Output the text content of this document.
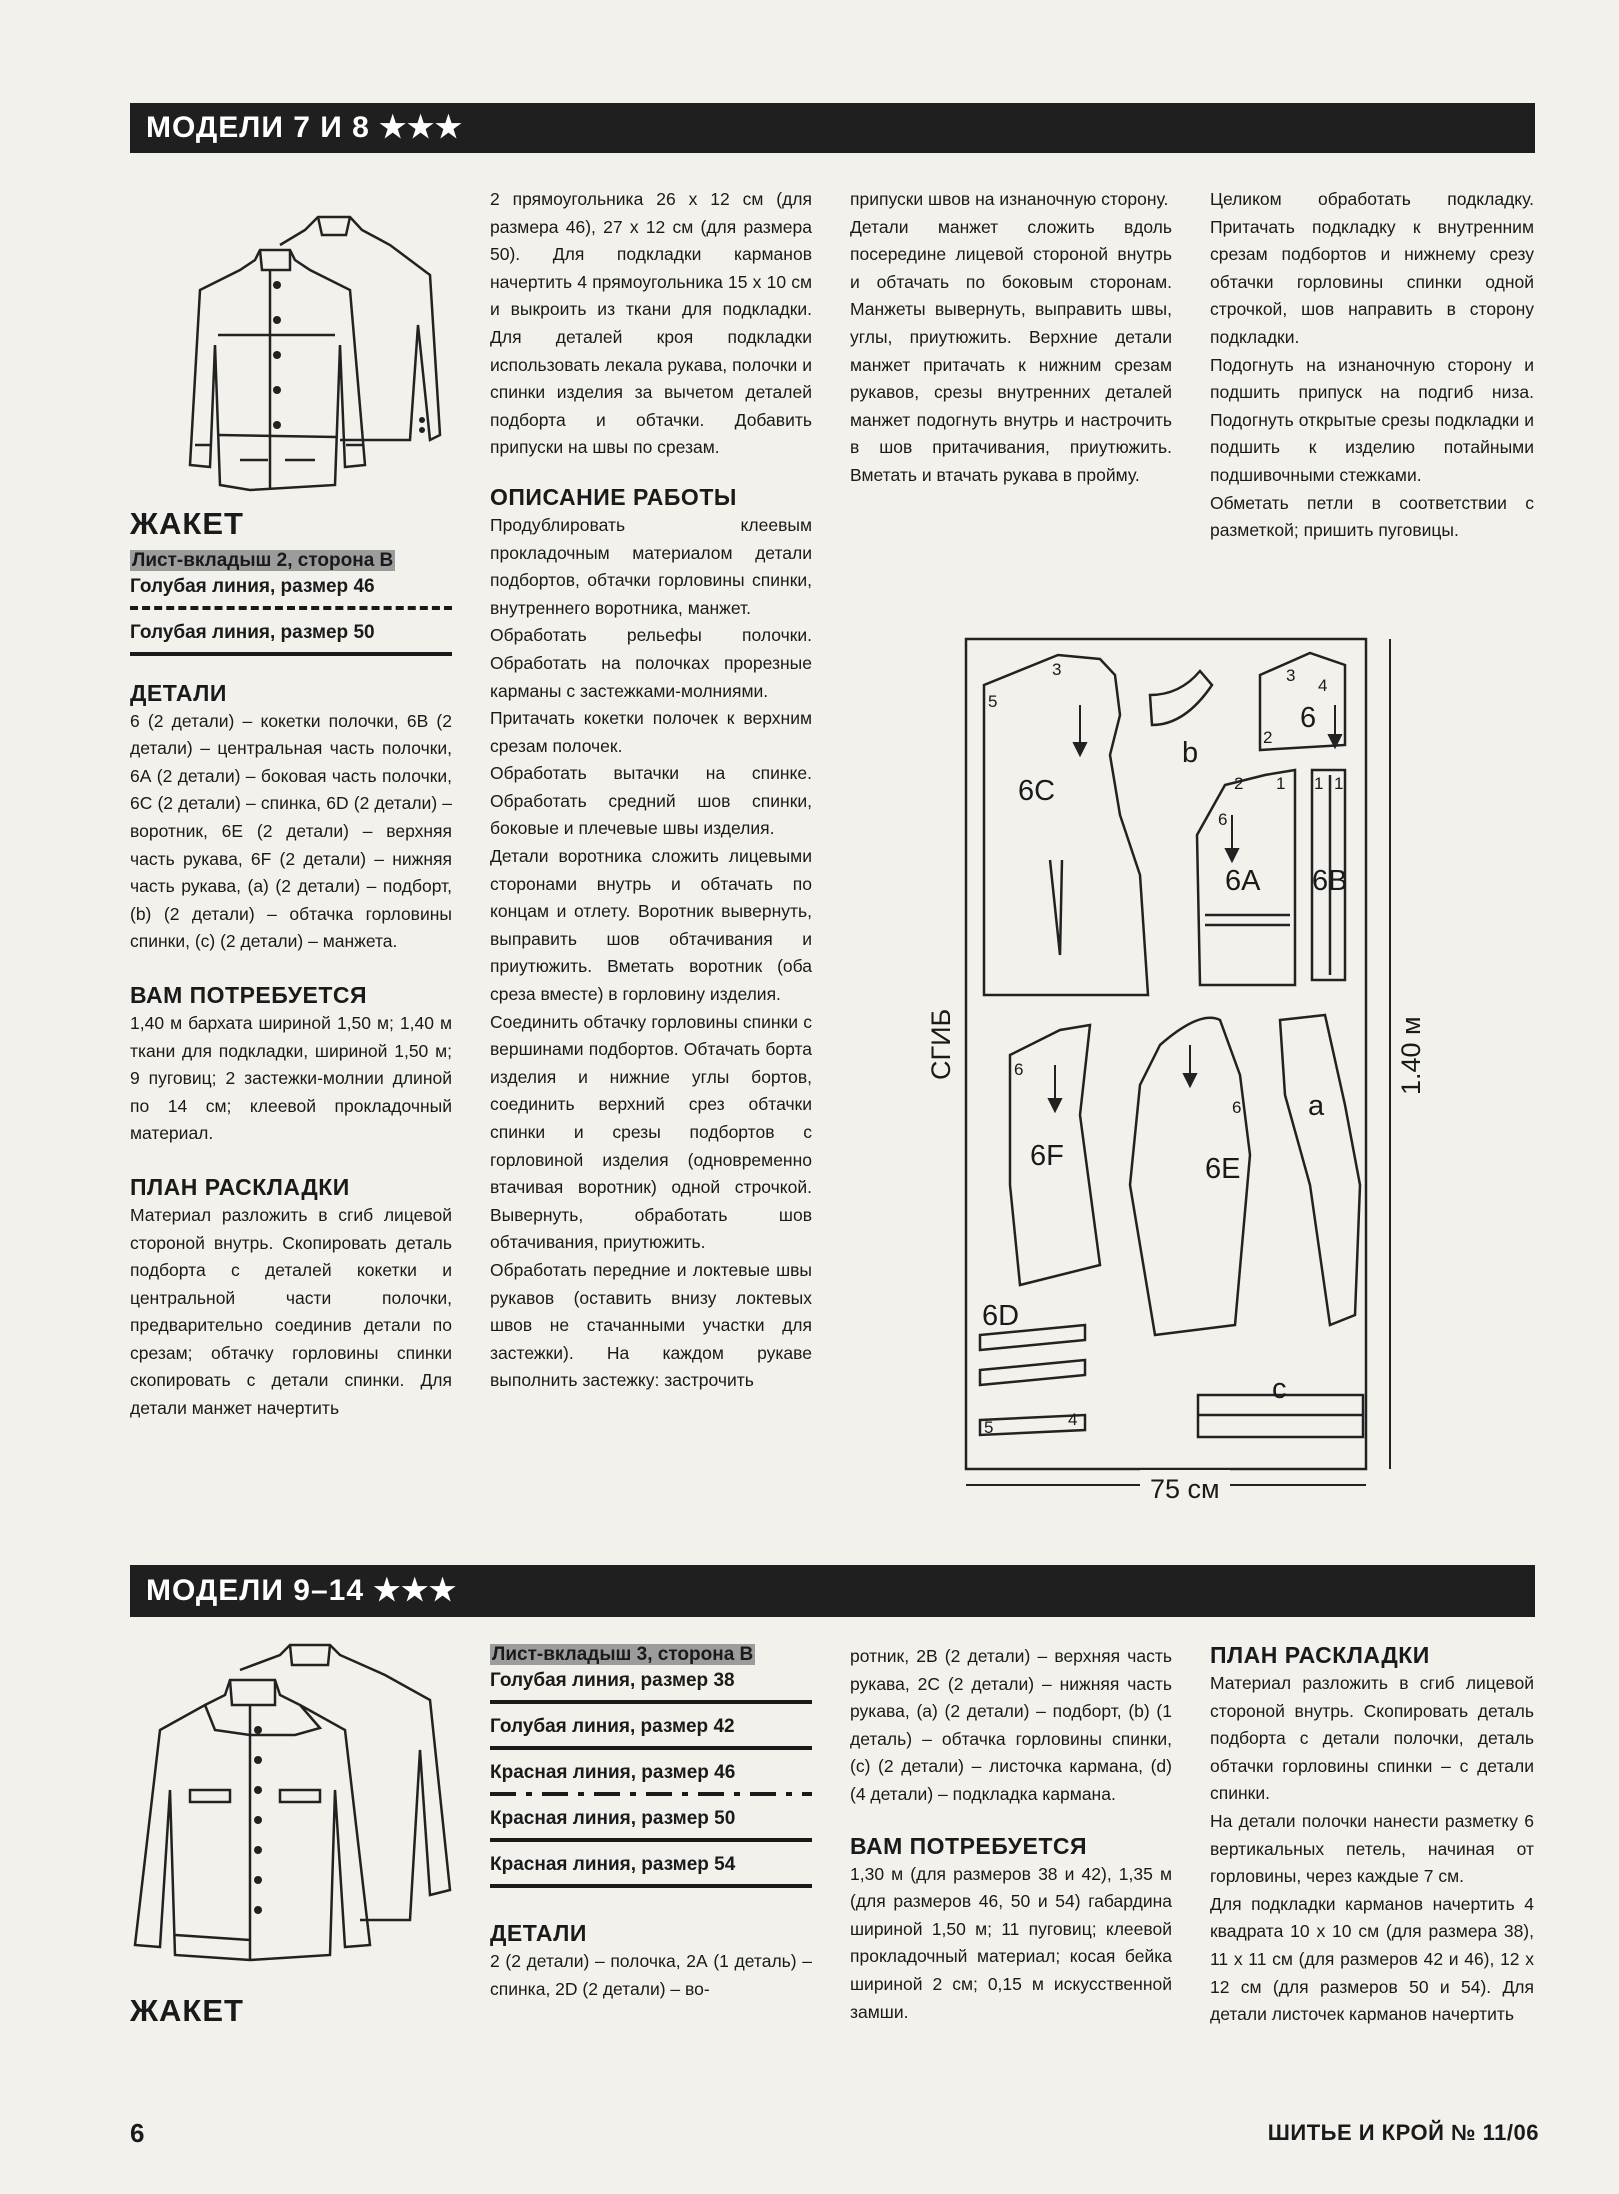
МОДЕЛИ 7 И 8 ★★★
ЖАКЕТ
Лист-вкладыш 2, сторона В
Голубая линия, размер 46
Голубая линия, размер 50

ДЕТАЛИ

6 (2 детали) – кокетки полочки, 6В (2 детали) – центральная часть полочки, 6А (2 детали) – боковая часть полочки, 6С (2 детали) – спинка, 6D (2 детали) – воротник, 6Е (2 детали) – верхняя часть рукава, 6F (2 детали) – нижняя часть рукава, (а) (2 детали) – подборт, (b) (2 детали) – обтачка горловины спинки, (с) (2 детали) – манжета.

ВАМ ПОТРЕБУЕТСЯ

1,40 м бархата шириной 1,50 м; 1,40 м ткани для подкладки, шириной 1,50 м; 9 пуговиц; 2 застежки-молнии длиной по 14 см; клеевой прокладочный материал.

ПЛАН РАСКЛАДКИ

Материал разложить в сгиб лицевой стороной внутрь. Скопировать деталь подборта с деталей кокетки и центральной части полочки, предварительно соединив детали по срезам; обтачку горловины спинки скопировать с детали спинки. Для детали манжет начертить

2 прямоугольника 26 х 12 см (для размера 46), 27 х 12 см (для размера 50). Для подкладки карманов начертить 4 прямоугольника 15 х 10 см и выкроить из ткани для подкладки. Для деталей кроя подкладки использовать лекала рукава, полочки и спинки изделия за вычетом деталей подборта и обтачки. Добавить припуски на швы по срезам.

ОПИСАНИЕ РАБОТЫ

Продублировать клеевым прокладочным материалом детали подбортов, обтачки горловины спинки, внутреннего воротника, манжет.

Обработать рельефы полочки. Обработать на полочках прорезные карманы с застежками-молниями.

Притачать кокетки полочек к верхним срезам полочек.

Обработать вытачки на спинке. Обработать средний шов спинки, боковые и плечевые швы изделия.

Детали воротника сложить лицевыми сторонами внутрь и обтачать по концам и отлету. Воротник вывернуть, выправить шов обтачивания и приутюжить. Вметать воротник (оба среза вместе) в горловину изделия.

Соединить обтачку горловины спинки с вершинами подбортов. Обтачать борта изделия и нижние углы бортов, соединить верхний срез обтачки спинки и срезы подбортов с горловиной изделия (одновременно втачивая воротник) одной строчкой. Вывернуть, обработать шов обтачивания, приутюжить.

Обработать передние и локтевые швы рукавов (оставить внизу локтевых швов не стачанными участки для застежки). На каждом рукаве выполнить застежку: застрочить

припуски швов на изнаночную сторону.

Детали манжет сложить вдоль посередине лицевой стороной внутрь и обтачать по боковым сторонам. Манжеты вывернуть, выправить швы, углы, приутюжить. Верхние детали манжет притачать к нижним срезам рукавов, срезы внутренних деталей манжет подогнуть внутрь и настрочить в шов притачивания, приутюжить. Вметать и втачать рукава в пройму.

Целиком обработать подкладку. Притачать подкладку к внутренним срезам подбортов и нижнему срезу обтачки горловины спинки одной строчкой, шов направить в сторону подкладки.

Подогнуть на изнаночную сторону и подшить припуск на подгиб низа. Подогнуть открытые срезы подкладки и подшить к изделию потайными подшивочными стежками.

Обметать петли в соответствии с разметкой; пришить пуговицы.

6C
b
6
6A 6B
6F	6E
a
6D
c
5
3	3
4
2
2 1 1 1
6
6
6
5	4
СГИБ	1.40 м
75 см
МОДЕЛИ 9–14 ★★★
ЖАКЕТ
Лист-вкладыш 3, сторона В
Голубая линия, размер 38
Голубая линия, размер 42
Красная линия, размер 46
Красная линия, размер 50
Красная линия, размер 54

ДЕТАЛИ

2 (2 детали) – полочка, 2А (1 деталь) – спинка, 2D (2 детали) – во-

ротник, 2В (2 детали) – верхняя часть рукава, 2С (2 детали) – нижняя часть рукава, (а) (2 детали) – подборт, (b) (1 деталь) – обтачка горловины спинки, (с) (2 детали) – листочка кармана, (d) (4 детали) – подкладка кармана.

ВАМ ПОТРЕБУЕТСЯ

1,30 м (для размеров 38 и 42), 1,35 м (для размеров 46, 50 и 54) габардина шириной 1,50 м; 11 пуговиц; клеевой прокладочный материал; косая бейка шириной 2 см; 0,15 м искусственной замши.

ПЛАН РАСКЛАДКИ

Материал разложить в сгиб лицевой стороной внутрь. Скопировать деталь подборта с детали полочки, деталь обтачки горловины спинки – с детали спинки.

На детали полочки нанести разметку 6 вертикальных петель, начиная от горловины, через каждые 7 см.

Для подкладки карманов начертить 4 квадрата 10 х 10 см (для размера 38), 11 х 11 см (для размеров 42 и 46), 12 х 12 см (для размеров 50 и 54). Для детали листочек карманов начертить

6	ШИТЬЕ И КРОЙ № 11/06
